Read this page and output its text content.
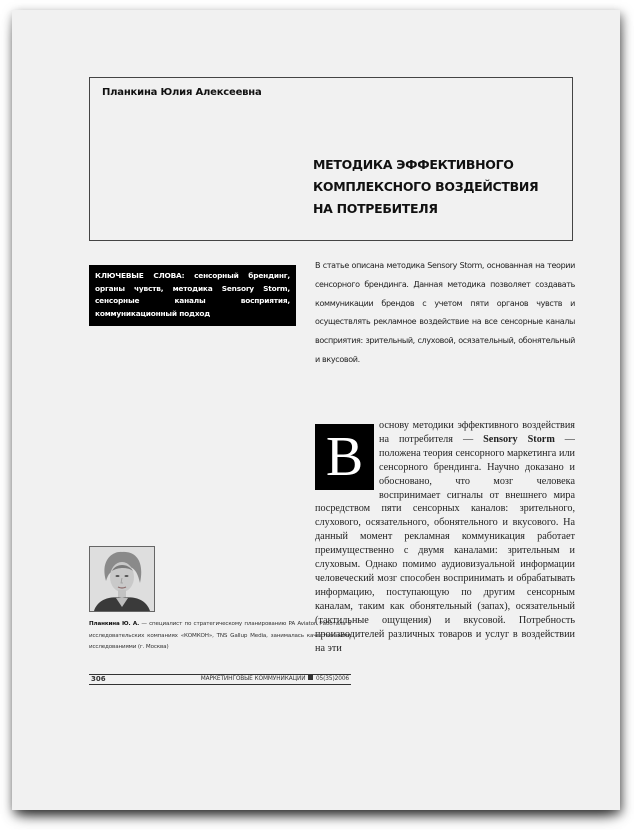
Планкина Юлия Алексеевна
МЕТОДИКА ЭФФЕКТИВНОГО
КОМПЛЕКСНОГО ВОЗДЕЙСТВИЯ
НА ПОТРЕБИТЕЛЯ
КЛЮЧЕВЫЕ СЛОВА: сенсорный брендинг, органы чувств, методика Sensory Storm, сенсорные каналы восприятия, коммуникационный подход

В статье описана методика Sensory Storm, основанная на теории сенсорного брендинга. Данная методика позволяет создавать коммуникации брендов с учетом пяти органов чувств и осуществлять рекламное воздействие на все сенсорные каналы восприятия: зрительный, слуховой, осязательный, обонятельный и вкусовой.

В

основу методики эффективного воздействия на потребителя — Sensory Storm — положена теория сенсорного маркетинга или сенсорного брендинга. Научно доказано и обосновано, что мозг человека воспринимает сигналы от внешнего мира посредством пяти сенсорных каналов: зрительного, слухового, осязательного, обонятельного и вкусового. На данный момент рекламная коммуникация работает преимущественно с двумя каналами: зрительным и слуховым. Однако помимо аудиовизуальной информации человеческий мозг способен воспринимать и обрабатывать информацию, поступающую по другим сенсорным каналам, таким как обонятельный (запах), осязательный (тактильные ощущения) и вкусовой. Потребность производителей различных товаров и услуг в воздействии на эти

Планкина Ю. А. — специалист по стратегическому планированию PA Aviator. Работала в исследовательских компаниях «КОМКОН», TNS Gallup Media, занималась качественными исследованиями (г. Москва)

306	МАРКЕТИНГОВЫЕ КОММУНИКАЦИИ 05(35)2006
